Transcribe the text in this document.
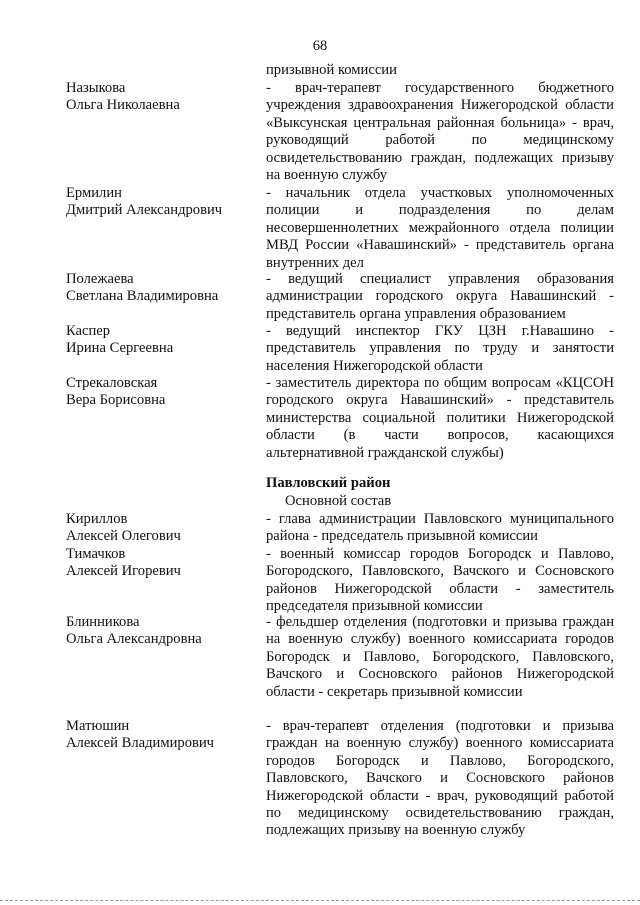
68
призывной комиссии
Назыкова
Ольга Николаевна
- врач-терапевт государственного бюджетного учреждения здравоохранения Нижегородской области «Выксунская центральная районная больница» - врач, руководящий работой по медицинскому освидетельствованию граждан, подлежащих призыву на военную службу
Ермилин
Дмитрий Александрович
- начальник отдела участковых уполномоченных полиции и подразделения по делам несовершеннолетних межрайонного отдела полиции МВД России «Навашинский» - представитель органа внутренних дел
Полежаева
Светлана Владимировна
- ведущий специалист управления образования администрации городского округа Навашинский - представитель органа управления образованием
Каспер
Ирина Сергеевна
- ведущий инспектор ГКУ ЦЗН г.Навашино - представитель управления по труду и занятости населения Нижегородской области
Стрекаловская
Вера Борисовна
- заместитель директора по общим вопросам «КЦСОН городского округа Навашинский» - представитель министерства социальной политики Нижегородской области (в части вопросов, касающихся альтернативной гражданской службы)
Павловский район
Основной состав
Кириллов
Алексей Олегович
- глава администрации Павловского муниципального района - председатель призывной комиссии
Тимачков
Алексей Игоревич
- военный комиссар городов Богородск и Павлово, Богородского, Павловского, Вачского и Сосновского районов Нижегородской области - заместитель председателя призывной комиссии
Блинникова
Ольга Александровна
- фельдшер отделения (подготовки и призыва граждан на военную службу) военного комиссариата городов Богородск и Павлово, Богородского, Павловского, Вачского и Сосновского районов Нижегородской области - секретарь призывной комиссии
Матюшин
Алексей Владимирович
- врач-терапевт отделения (подготовки и призыва граждан на военную службу) военного комиссариата городов Богородск и Павлово, Богородского, Павловского, Вачского и Сосновского районов Нижегородской области - врач, руководящий работой по медицинскому освидетельствованию граждан, подлежащих призыву на военную службу
